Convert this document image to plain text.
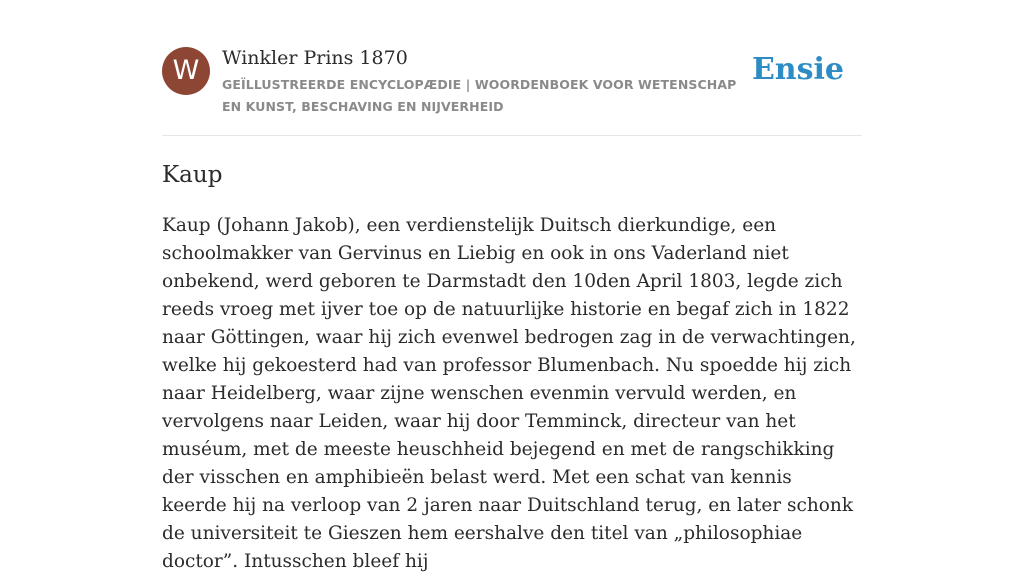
W	Winkler Prins 1870
GEÏLLUSTREERDE ENCYCLOPÆDIE | WOORDENBOEK VOOR WETENSCHAP EN KUNST, BESCHAVING EN NIJVERHEID
Ensie
Kaup

Kaup (Johann Jakob), een verdienstelijk Duitsch dierkundige, een schoolmakker van Gervinus en Liebig en ook in ons Vaderland niet onbekend, werd geboren te Darmstadt den 10den April 1803, legde zich reeds vroeg met ijver toe op de natuurlijke historie en begaf zich in 1822 naar Göttingen, waar hij zich evenwel bedrogen zag in de verwachtingen, welke hij gekoesterd had van professor Blumenbach. Nu spoedde hij zich naar Heidelberg, waar zijne wenschen evenmin vervuld werden, en vervolgens naar Leiden, waar hij door Temminck, directeur van het muséum, met de meeste heuschheid bejegend en met de rangschikking der visschen en amphibieën belast werd. Met een schat van kennis keerde hij na verloop van 2 jaren naar Duitschland terug, en later schonk de universiteit te Gieszen hem eershalve den titel van „philosophiae doctor”. Intusschen bleef hij
